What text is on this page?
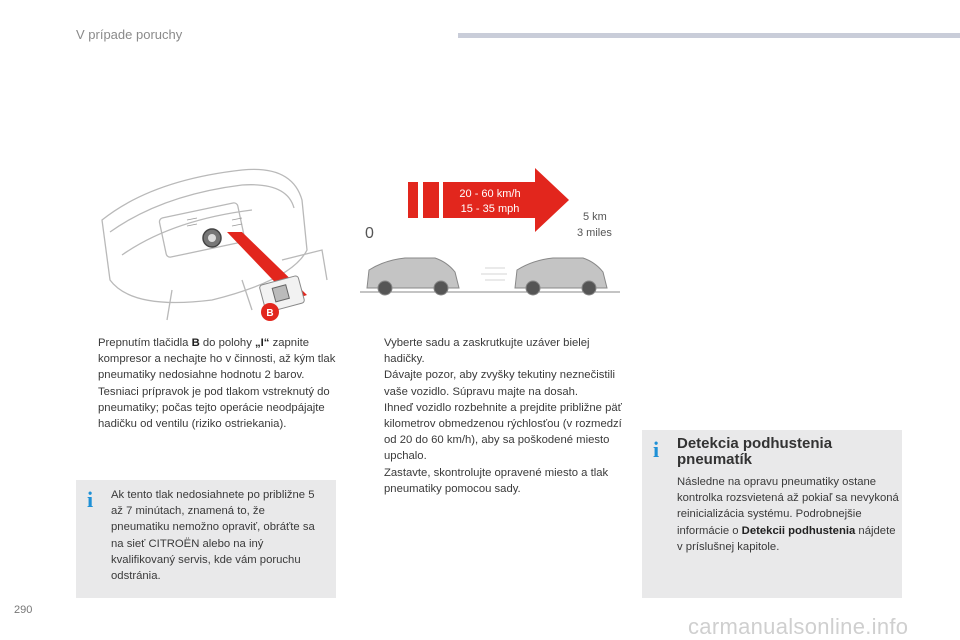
V prípade poruchy
B
20 - 60 km/h
15 - 35 mph
0
5 km
3 miles

Prepnutím tlačidla B do polohy „I“ zapnite kompresor a nechajte ho v činnosti, až kým tlak pneumatiky nedosiahne hodnotu 2 barov.

Tesniaci prípravok je pod tlakom vstreknutý do pneumatiky; počas tejto operácie neodpájajte hadičku od ventilu (riziko ostriekania).

i Ak tento tlak nedosiahnete po približne 5 až 7 minútach, znamená to, že pneumatiku nemožno opraviť, obráťte sa na sieť CITROËN alebo na iný kvalifikovaný servis, kde vám poruchu odstránia.

Vyberte sadu a zaskrutkujte uzáver bielej hadičky.

Dávajte pozor, aby zvyšky tekutiny neznečistili vaše vozidlo. Súpravu majte na dosah.

Ihneď vozidlo rozbehnite a prejdite približne päť kilometrov obmedzenou rýchlosťou (v rozmedzí od 20 do 60 km/h), aby sa poškodené miesto upchalo.

Zastavte, skontrolujte opravené miesto a tlak pneumatiky pomocou sady.

i Detekcia podhustenia pneumatík
Následne na opravu pneumatiky ostane kontrolka rozsvietená až pokiaľ sa nevykoná reinicializácia systému. Podrobnejšie informácie o Detekcii podhustenia nájdete v príslušnej kapitole.
290
carmanualsonline.info
